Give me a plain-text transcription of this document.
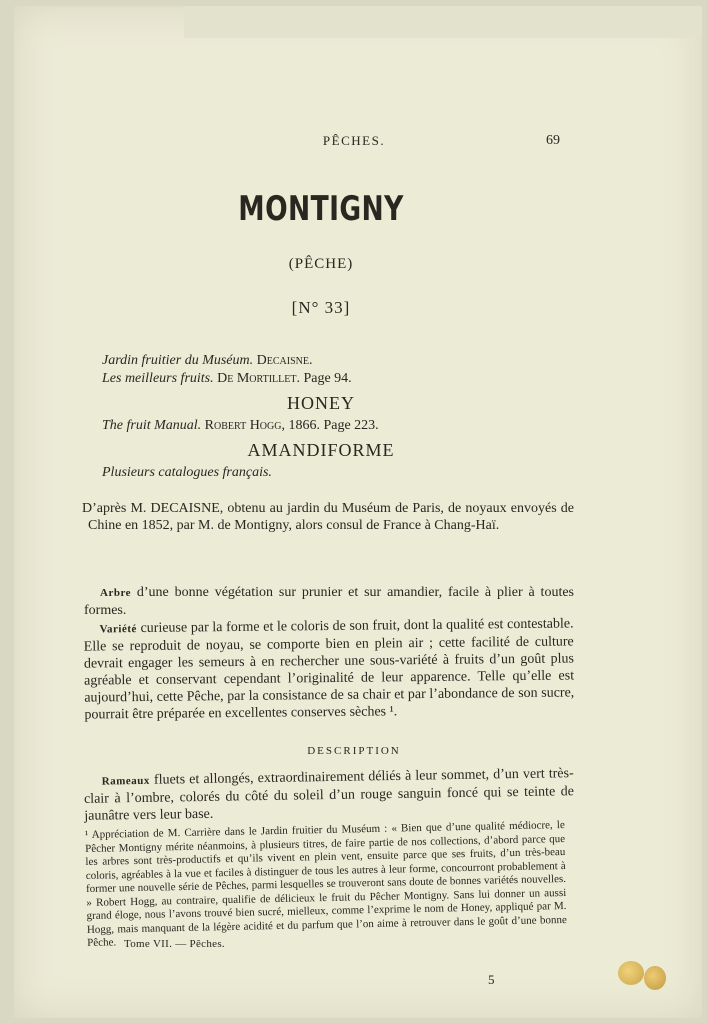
PÊCHES.	69
MONTIGNY
(PÊCHE)
[N° 33]
Jardin fruitier du Muséum. Decaisne.
Les meilleurs fruits. De Mortillet. Page 94.
HONEY
The fruit Manual. Robert Hogg, 1866. Page 223.
AMANDIFORME
Plusieurs catalogues français.

D’après M. DECAISNE, obtenu au jardin du Muséum de Paris, de noyaux envoyés de Chine en 1852, par M. de Montigny, alors consul de France à Chang-Haï.

Arbre d’une bonne végétation sur prunier et sur amandier, facile à plier à toutes formes.

Variété curieuse par la forme et le coloris de son fruit, dont la qualité est contestable. Elle se reproduit de noyau, se comporte bien en plein air ; cette facilité de culture devrait engager les semeurs à en rechercher une sous-variété à fruits d’un goût plus agréable et conservant cependant l’originalité de leur apparence. Telle qu’elle est aujourd’hui, cette Pêche, par la consistance de sa chair et par l’abondance de son sucre, pourrait être préparée en excellentes conserves sèches ¹.

DESCRIPTION

Rameaux fluets et allongés, extraordinairement déliés à leur sommet, d’un vert très-clair à l’ombre, colorés du côté du soleil d’un rouge sanguin foncé qui se teinte de jaunâtre vers leur base.

¹ Appréciation de M. Carrière dans le Jardin fruitier du Muséum : « Bien que d’une qualité médiocre, le Pêcher Montigny mérite néanmoins, à plusieurs titres, de faire partie de nos collections, d’abord parce que les arbres sont très-productifs et qu’ils vivent en plein vent, ensuite parce que ses fruits, d’un très-beau coloris, agréables à la vue et faciles à distinguer de tous les autres à leur forme, concourront probablement à former une nouvelle série de Pêches, parmi lesquelles se trouveront sans doute de bonnes variétés nouvelles. » Robert Hogg, au contraire, qualifie de délicieux le fruit du Pêcher Montigny. Sans lui donner un aussi grand éloge, nous l’avons trouvé bien sucré, mielleux, comme l’exprime le nom de Honey, appliqué par M. Hogg, mais manquant de la légère acidité et du parfum que l’on aime à retrouver dans le goût d’une bonne Pêche. Tome VII. — Pêches.
5
